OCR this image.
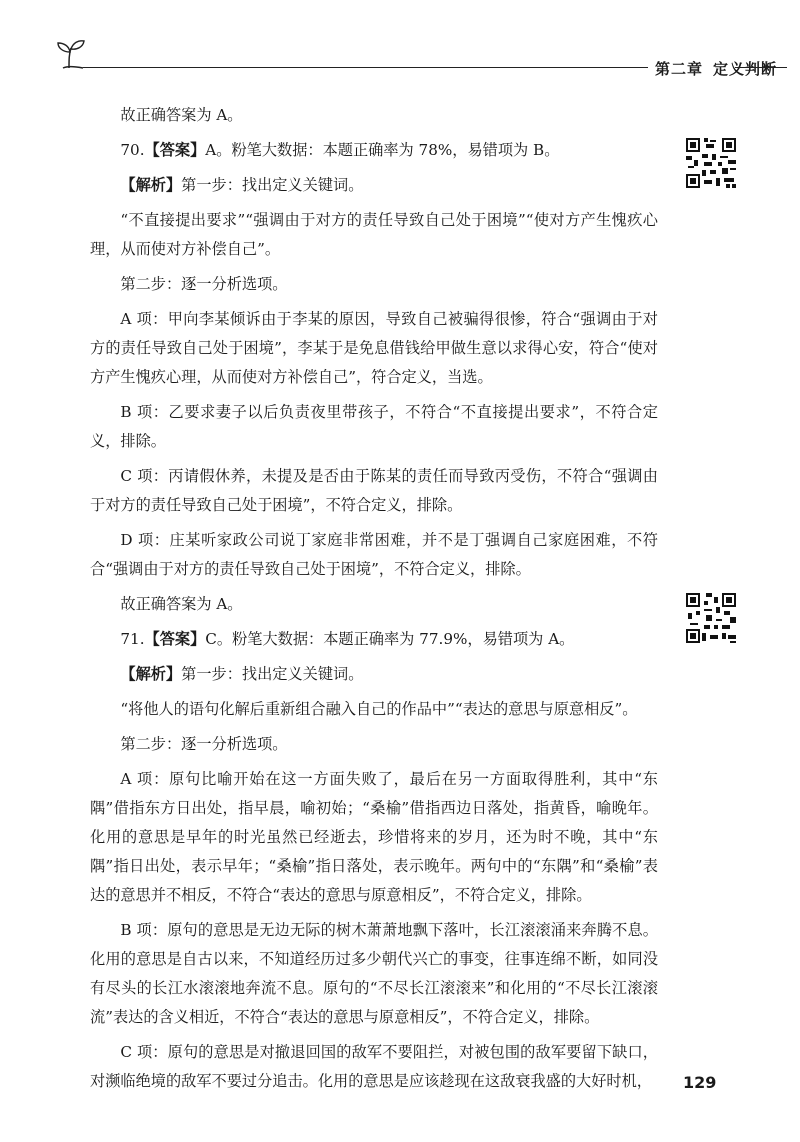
第二章 定义判断

故正确答案为 A。

70.【答案】A。粉笔大数据：本题正确率为 78%，易错项为 B。

【解析】第一步：找出定义关键词。

“不直接提出要求”“强调由于对方的责任导致自己处于困境”“使对方产生愧疚心理，从而使对方补偿自己”。

第二步：逐一分析选项。

A 项：甲向李某倾诉由于李某的原因，导致自己被骗得很惨，符合“强调由于对方的责任导致自己处于困境”，李某于是免息借钱给甲做生意以求得心安，符合“使对方产生愧疚心理，从而使对方补偿自己”，符合定义，当选。

B 项：乙要求妻子以后负责夜里带孩子，不符合“不直接提出要求”，不符合定义，排除。

C 项：丙请假休养，未提及是否由于陈某的责任而导致丙受伤，不符合“强调由于对方的责任导致自己处于困境”，不符合定义，排除。

D 项：庄某听家政公司说丁家庭非常困难，并不是丁强调自己家庭困难，不符合“强调由于对方的责任导致自己处于困境”，不符合定义，排除。

故正确答案为 A。

71.【答案】C。粉笔大数据：本题正确率为 77.9%，易错项为 A。

【解析】第一步：找出定义关键词。

“将他人的语句化解后重新组合融入自己的作品中”“表达的意思与原意相反”。

第二步：逐一分析选项。

A 项：原句比喻开始在这一方面失败了，最后在另一方面取得胜利，其中“东隅”借指东方日出处，指早晨，喻初始；“桑榆”借指西边日落处，指黄昏，喻晚年。化用的意思是早年的时光虽然已经逝去，珍惜将来的岁月，还为时不晚，其中“东隅”指日出处，表示早年；“桑榆”指日落处，表示晚年。两句中的“东隅”和“桑榆”表达的意思并不相反，不符合“表达的意思与原意相反”，不符合定义，排除。

B 项：原句的意思是无边无际的树木萧萧地飘下落叶，长江滚滚涌来奔腾不息。化用的意思是自古以来，不知道经历过多少朝代兴亡的事变，往事连绵不断，如同没有尽头的长江水滚滚地奔流不息。原句的“不尽长江滚滚来”和化用的“不尽长江滚滚流”表达的含义相近，不符合“表达的意思与原意相反”，不符合定义，排除。

C 项：原句的意思是对撤退回国的敌军不要阻拦，对被包围的敌军要留下缺口，对濒临绝境的敌军不要过分追击。化用的意思是应该趁现在这敌衰我盛的大好时机，	129
